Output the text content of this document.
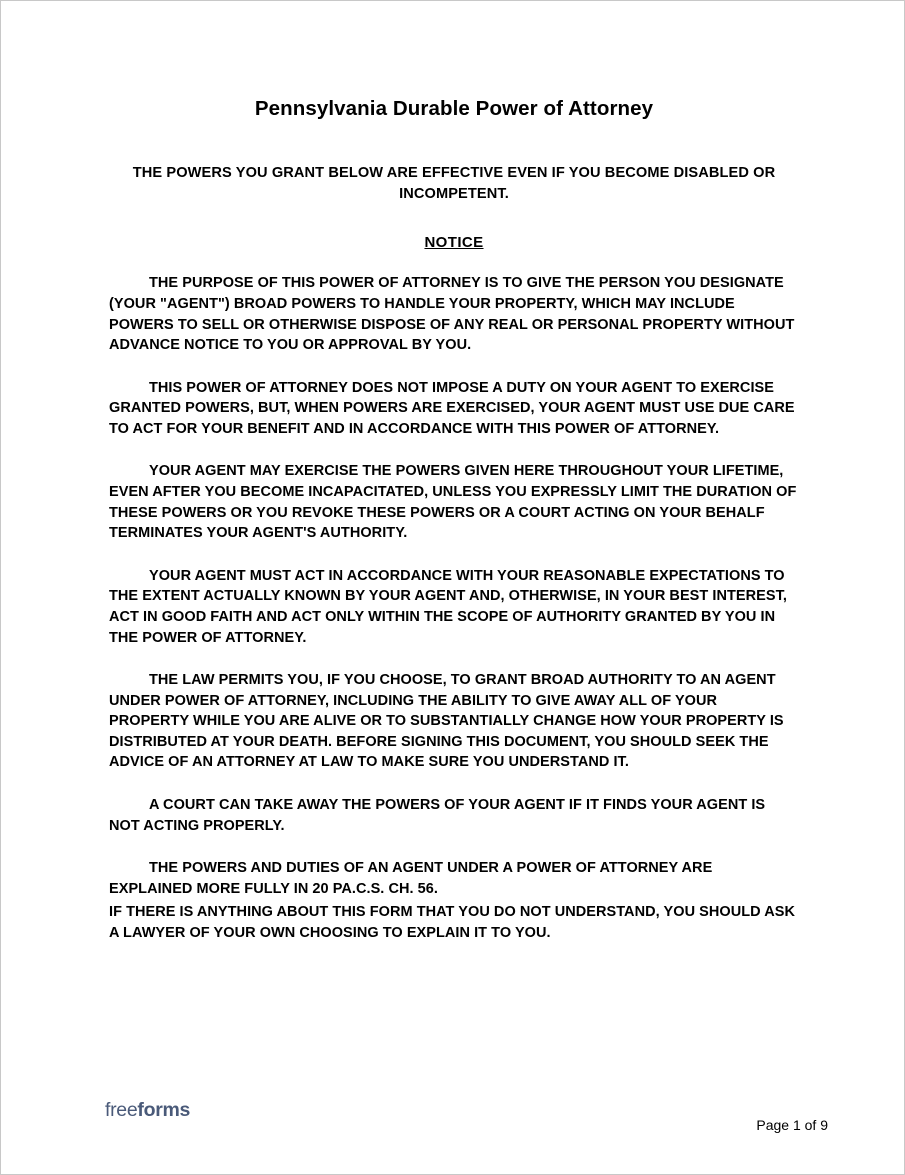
Pennsylvania Durable Power of Attorney
THE POWERS YOU GRANT BELOW ARE EFFECTIVE EVEN IF YOU BECOME DISABLED OR INCOMPETENT.
NOTICE
THE PURPOSE OF THIS POWER OF ATTORNEY IS TO GIVE THE PERSON YOU DESIGNATE (YOUR "AGENT") BROAD POWERS TO HANDLE YOUR PROPERTY, WHICH MAY INCLUDE POWERS TO SELL OR OTHERWISE DISPOSE OF ANY REAL OR PERSONAL PROPERTY WITHOUT ADVANCE NOTICE TO YOU OR APPROVAL BY YOU.
THIS POWER OF ATTORNEY DOES NOT IMPOSE A DUTY ON YOUR AGENT TO EXERCISE GRANTED POWERS, BUT, WHEN POWERS ARE EXERCISED, YOUR AGENT MUST USE DUE CARE TO ACT FOR YOUR BENEFIT AND IN ACCORDANCE WITH THIS POWER OF ATTORNEY.
YOUR AGENT MAY EXERCISE THE POWERS GIVEN HERE THROUGHOUT YOUR LIFETIME, EVEN AFTER YOU BECOME INCAPACITATED, UNLESS YOU EXPRESSLY LIMIT THE DURATION OF THESE POWERS OR YOU REVOKE THESE POWERS OR A COURT ACTING ON YOUR BEHALF TERMINATES YOUR AGENT'S AUTHORITY.
YOUR AGENT MUST ACT IN ACCORDANCE WITH YOUR REASONABLE EXPECTATIONS TO THE EXTENT ACTUALLY KNOWN BY YOUR AGENT AND, OTHERWISE, IN YOUR BEST INTEREST, ACT IN GOOD FAITH AND ACT ONLY WITHIN THE SCOPE OF AUTHORITY GRANTED BY YOU IN THE POWER OF ATTORNEY.
THE LAW PERMITS YOU, IF YOU CHOOSE, TO GRANT BROAD AUTHORITY TO AN AGENT UNDER POWER OF ATTORNEY, INCLUDING THE ABILITY TO GIVE AWAY ALL OF YOUR PROPERTY WHILE YOU ARE ALIVE OR TO SUBSTANTIALLY CHANGE HOW YOUR PROPERTY IS DISTRIBUTED AT YOUR DEATH. BEFORE SIGNING THIS DOCUMENT, YOU SHOULD SEEK THE ADVICE OF AN ATTORNEY AT LAW TO MAKE SURE YOU UNDERSTAND IT.
A COURT CAN TAKE AWAY THE POWERS OF YOUR AGENT IF IT FINDS YOUR AGENT IS NOT ACTING PROPERLY.
THE POWERS AND DUTIES OF AN AGENT UNDER A POWER OF ATTORNEY ARE EXPLAINED MORE FULLY IN 20 PA.C.S. CH. 56.
IF THERE IS ANYTHING ABOUT THIS FORM THAT YOU DO NOT UNDERSTAND, YOU SHOULD ASK A LAWYER OF YOUR OWN CHOOSING TO EXPLAIN IT TO YOU.
freeforms
Page 1 of 9
